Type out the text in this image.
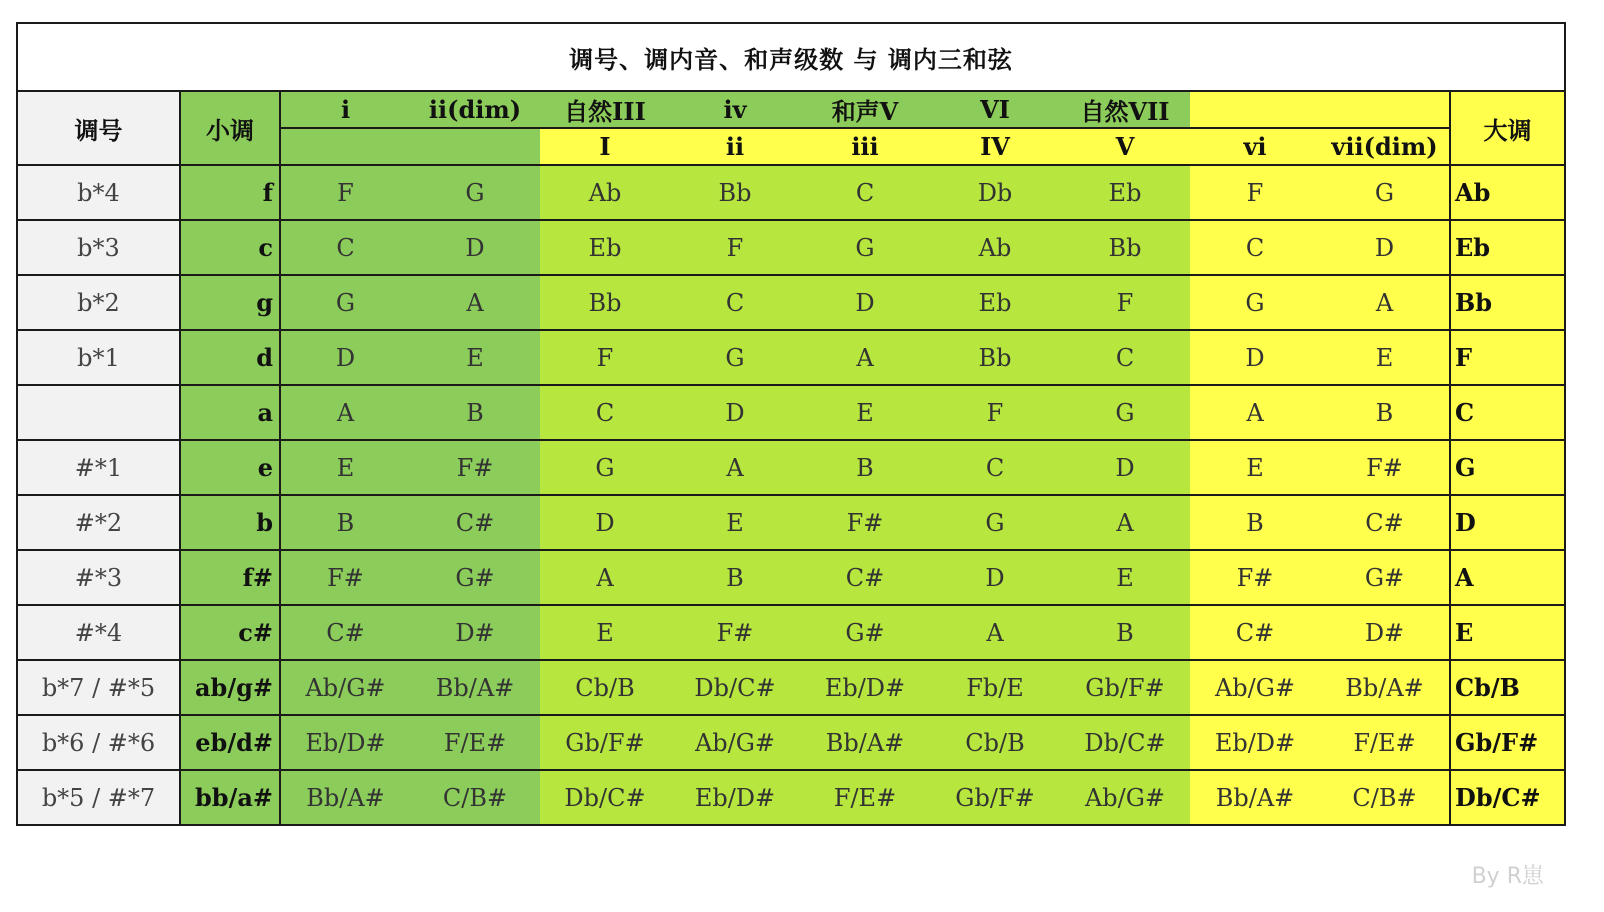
调号、调内音、和声级数 与 调内三和弦											
调号	小调	i	ii(dim)	自然III	iv	和声V	VI	自然VII			大调
				I	ii	iii	IV	V	vi	vii(dim)	
b*4	f	F	G	Ab	Bb	C	Db	Eb	F	G	Ab
b*3	c	C	D	Eb	F	G	Ab	Bb	C	D	Eb
b*2	g	G	A	Bb	C	D	Eb	F	G	A	Bb
b*1	d	D	E	F	G	A	Bb	C	D	E	F
	a	A	B	C	D	E	F	G	A	B	C
#*1	e	E	F#	G	A	B	C	D	E	F#	G
#*2	b	B	C#	D	E	F#	G	A	B	C#	D
#*3	f#	F#	G#	A	B	C#	D	E	F#	G#	A
#*4	c#	C#	D#	E	F#	G#	A	B	C#	D#	E
b*7 / #*5	ab/g#	Ab/G#	Bb/A#	Cb/B	Db/C#	Eb/D#	Fb/E	Gb/F#	Ab/G#	Bb/A#	Cb/B
b*6 / #*6	eb/d#	Eb/D#	F/E#	Gb/F#	Ab/G#	Bb/A#	Cb/B	Db/C#	Eb/D#	F/E#	Gb/F#
b*5 / #*7	bb/a#	Bb/A#	C/B#	Db/C#	Eb/D#	F/E#	Gb/F#	Ab/G#	Bb/A#	C/B#	Db/C#
By R崽
